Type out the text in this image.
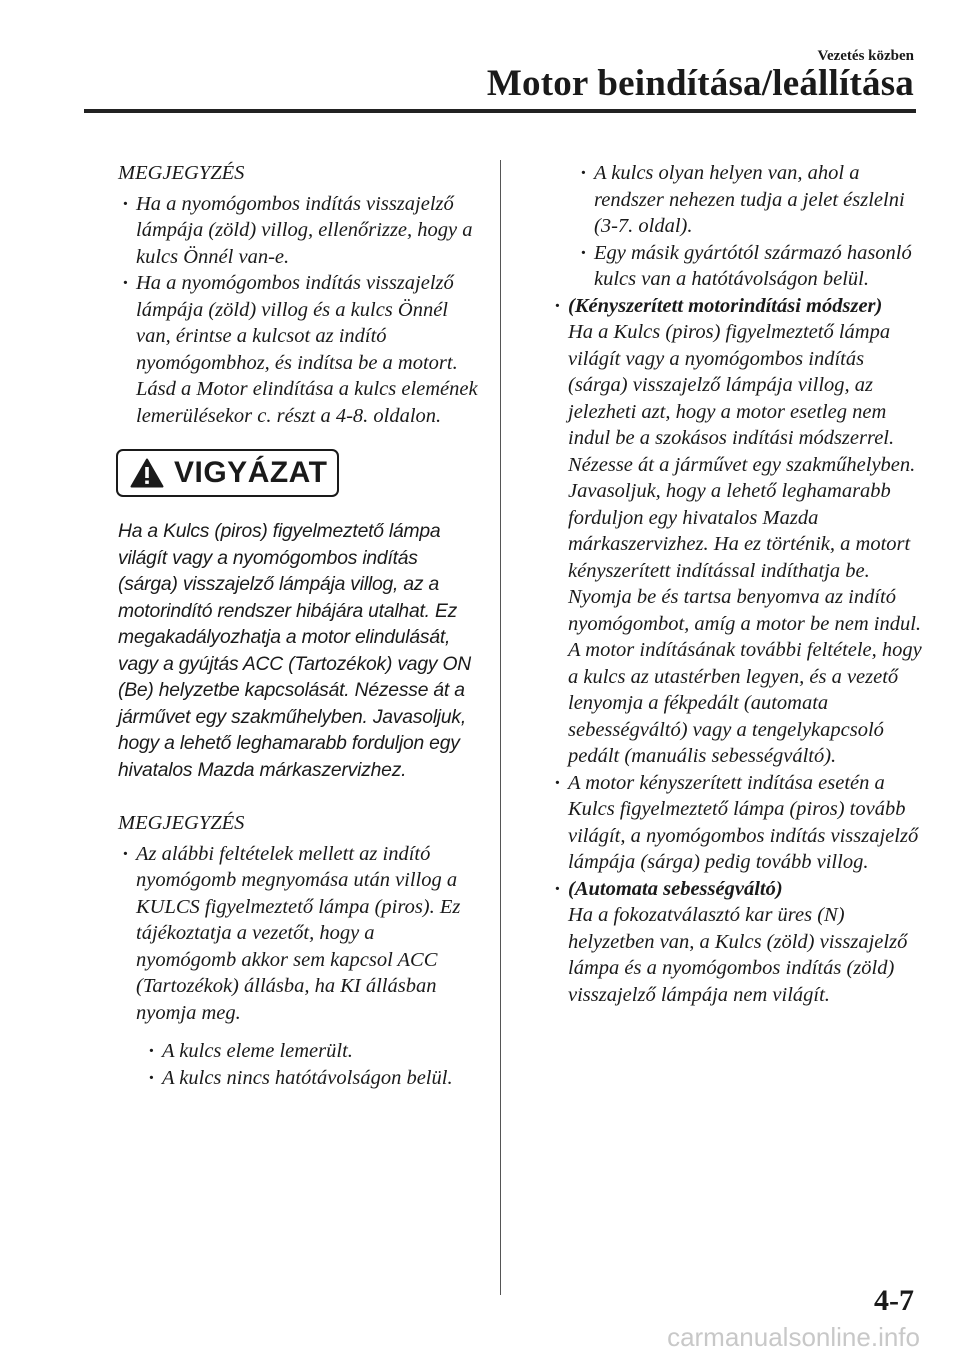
Vezetés közben
Motor beindítása/leállítása
MEGJEGYZÉS
· Ha a nyomógombos indítás visszajelző lámpája (zöld) villog, ellenőrizze, hogy a kulcs Önnél van-e.
· Ha a nyomógombos indítás visszajelző lámpája (zöld) villog és a kulcs Önnél van, érintse a kulcsot az indító nyomógombhoz, és indítsa be a motort. Lásd a Motor elindítása a kulcs elemének lemerülésekor c. részt a 4-8. oldalon.
VIGYÁZAT
Ha a Kulcs (piros) figyelmeztető lámpa világít vagy a nyomógombos indítás (sárga) visszajelző lámpája villog, az a motorindító rendszer hibájára utalhat. Ez megakadályozhatja a motor elindulását, vagy a gyújtás ACC (Tartozékok) vagy ON (Be) helyzetbe kapcsolását. Nézesse át a járművet egy szakműhelyben. Javasoljuk, hogy a lehető leghamarabb forduljon egy hivatalos Mazda márkaszervizhez.
MEGJEGYZÉS
· Az alábbi feltételek mellett az indító nyomógomb megnyomása után villog a KULCS figyelmeztető lámpa (piros). Ez tájékoztatja a vezetőt, hogy a nyomógomb akkor sem kapcsol ACC (Tartozékok) állásba, ha KI állásban nyomja meg.
· A kulcs eleme lemerült.
· A kulcs nincs hatótávolságon belül.
· A kulcs olyan helyen van, ahol a rendszer nehezen tudja a jelet észlelni (3-7. oldal).
· Egy másik gyártótól származó hasonló kulcs van a hatótávolságon belül.
· (Kényszerített motorindítási módszer)
Ha a Kulcs (piros) figyelmeztető lámpa világít vagy a nyomógombos indítás (sárga) visszajelző lámpája villog, az jelezheti azt, hogy a motor esetleg nem indul be a szokásos indítási módszerrel. Nézesse át a járművet egy szakműhelyben. Javasoljuk, hogy a lehető leghamarabb forduljon egy hivatalos Mazda márkaszervizhez. Ha ez történik, a motort kényszerített indítással indíthatja be. Nyomja be és tartsa benyomva az indító nyomógombot, amíg a motor be nem indul. A motor indításának további feltétele, hogy a kulcs az utastérben legyen, és a vezető lenyomja a fékpedált (automata sebességváltó) vagy a tengelykapcsoló pedált (manuális sebességváltó).
· A motor kényszerített indítása esetén a Kulcs figyelmeztető lámpa (piros) tovább világít, a nyomógombos indítás visszajelző lámpája (sárga) pedig tovább villog.
· (Automata sebességváltó)
Ha a fokozatválasztó kar üres (N) helyzetben van, a Kulcs (zöld) visszajelző lámpa és a nyomógombos indítás (zöld) visszajelző lámpája nem világít.
4-7
carmanualsonline.info
